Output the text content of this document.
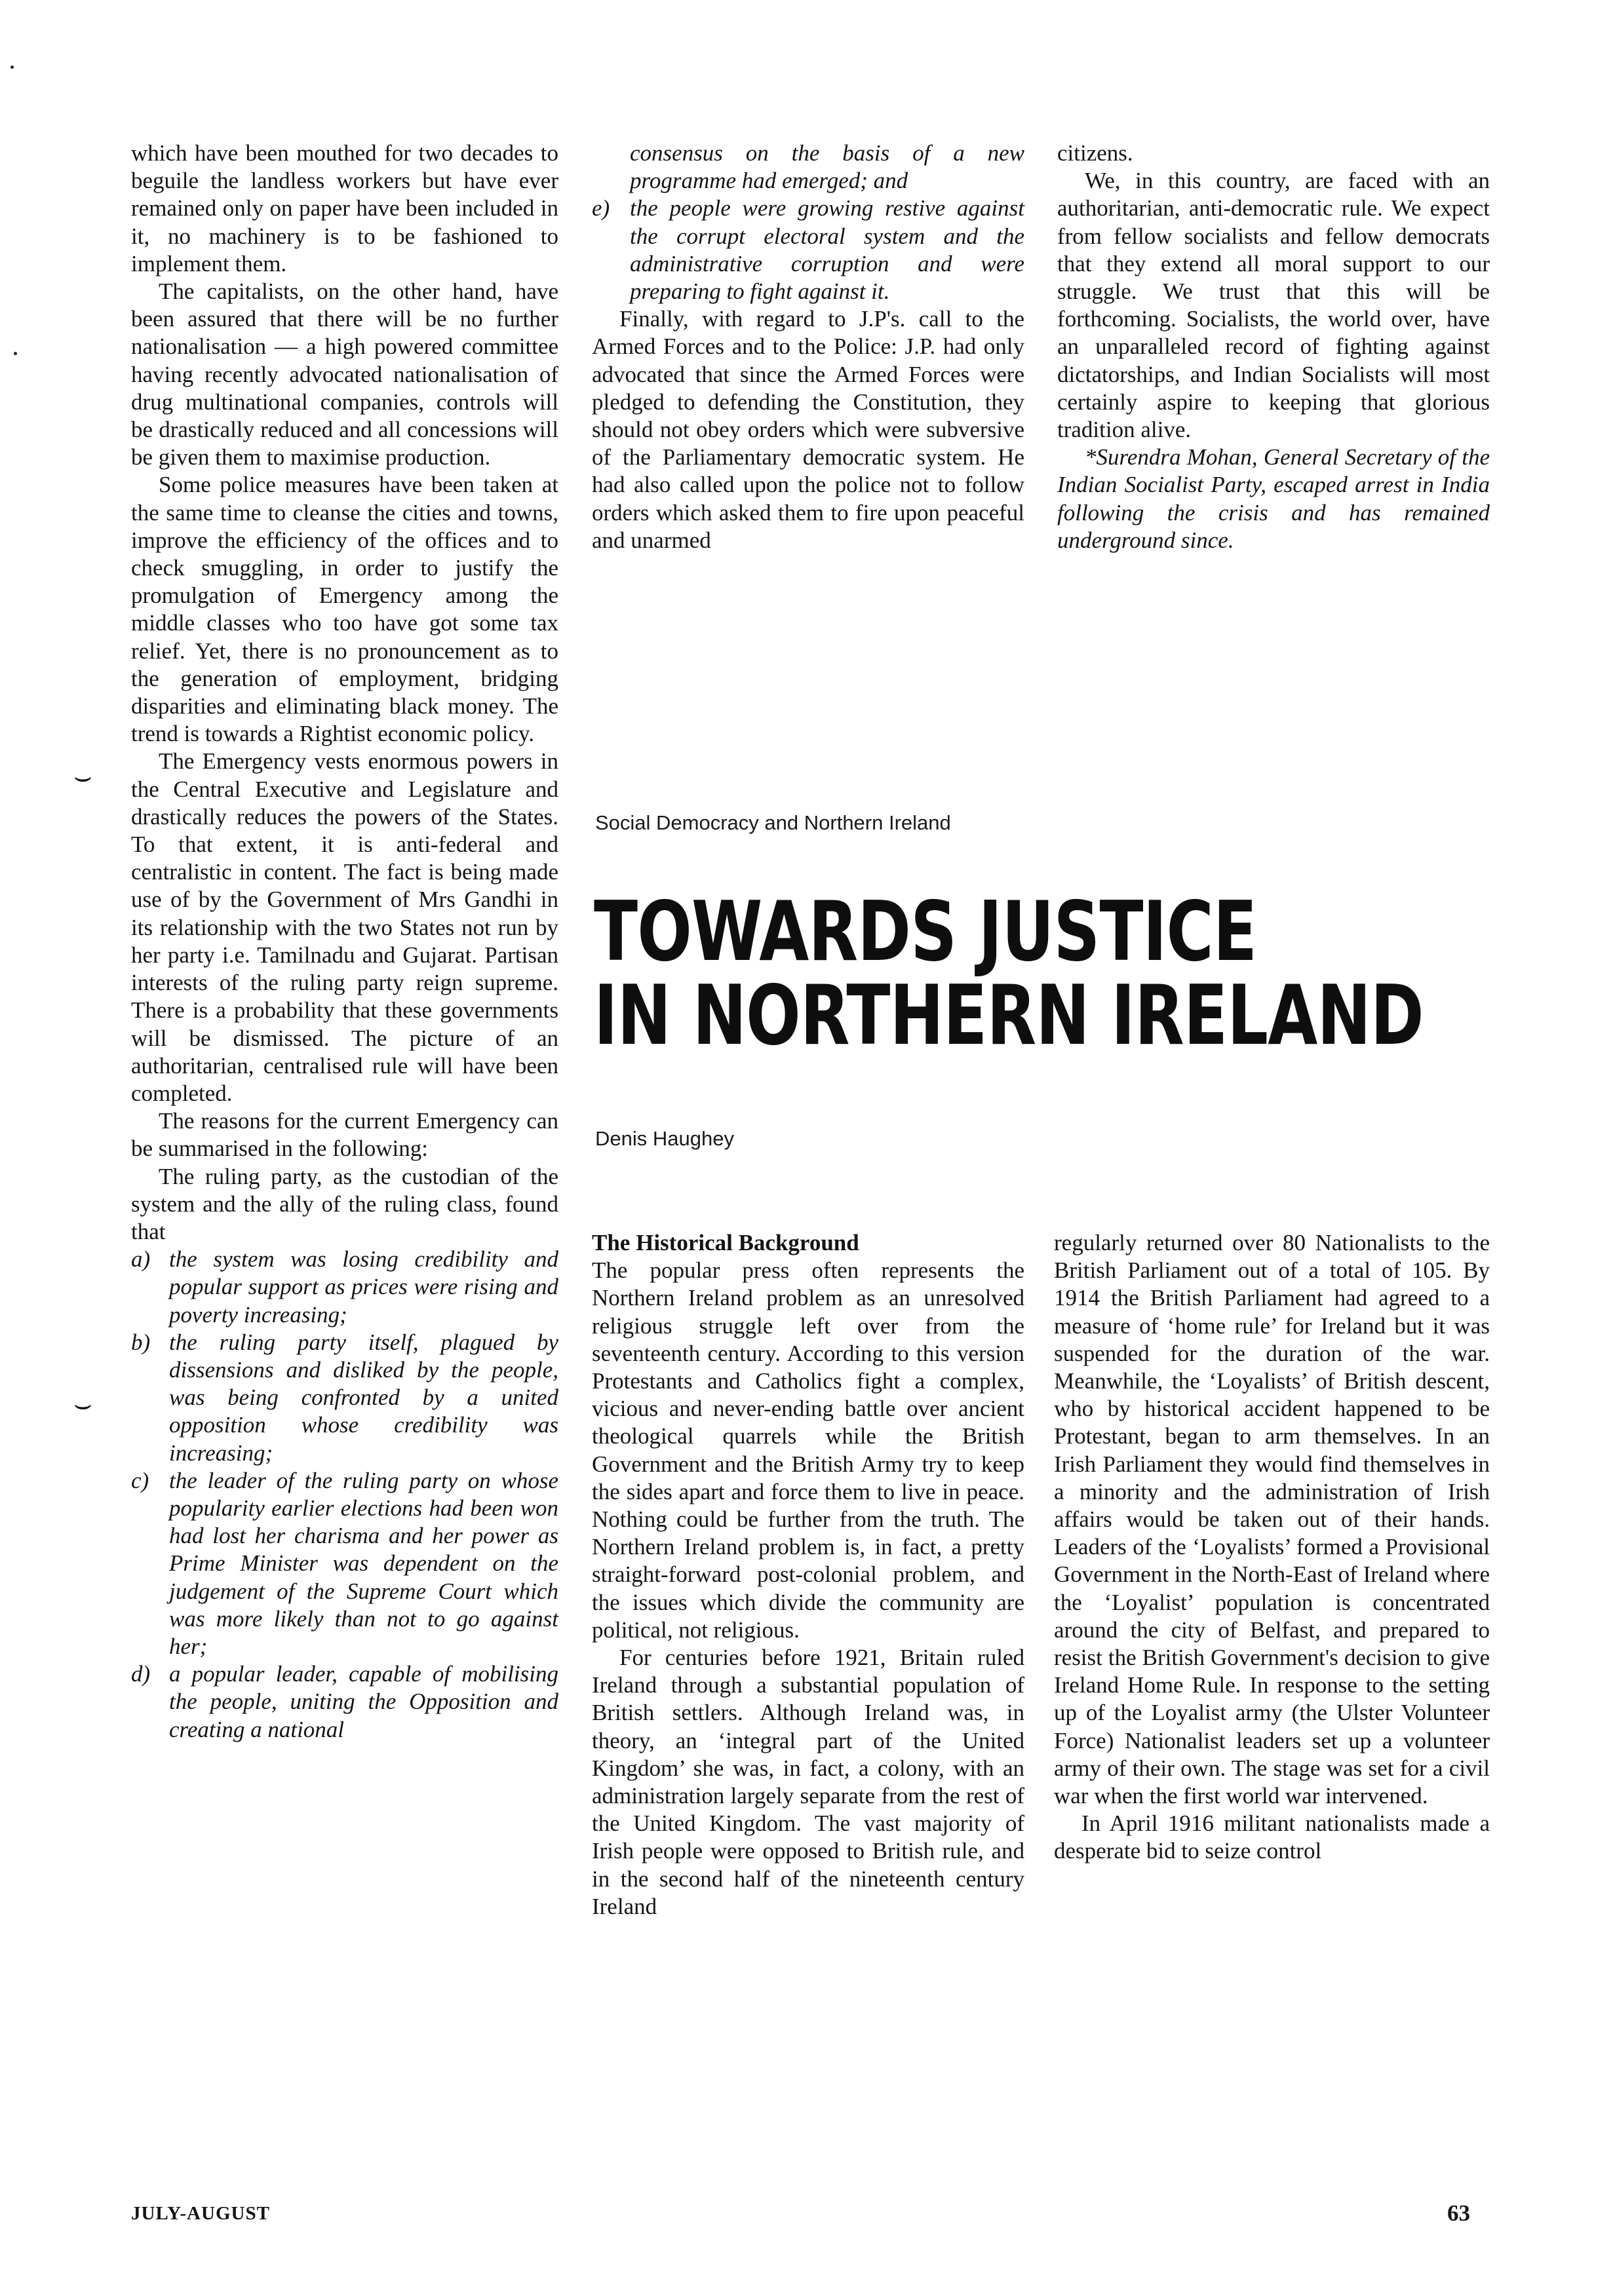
⌣
⌣

which have been mouthed for two decades to beguile the landless workers but have ever remained only on paper have been included in it, no machinery is to be fashioned to implement them.

The capitalists, on the other hand, have been assured that there will be no further nationalisation — a high powered committee having recently advocated nationalisation of drug multinational companies, controls will be drastically reduced and all concessions will be given them to maximise production.

Some police measures have been taken at the same time to cleanse the cities and towns, improve the efficiency of the offices and to check smuggling, in order to justify the promulgation of Emergency among the middle classes who too have got some tax relief. Yet, there is no pronouncement as to the generation of employment, bridging disparities and eliminating black money. The trend is towards a Rightist economic policy.

The Emergency vests enormous powers in the Central Executive and Legislature and drastically reduces the powers of the States. To that extent, it is anti-federal and centralistic in content. The fact is being made use of by the Government of Mrs Gandhi in its relationship with the two States not run by her party i.e. Tamilnadu and Gujarat. Partisan interests of the ruling party reign supreme. There is a probability that these governments will be dismissed. The picture of an authoritarian, centralised rule will have been completed.

The reasons for the current Emergency can be summarised in the following:

The ruling party, as the custodian of the system and the ally of the ruling class, found that

a) the system was losing credibility and popular support as prices were rising and poverty increasing;
b) the ruling party itself, plagued by dissensions and disliked by the people, was being confronted by a united opposition whose credibility was increasing;
c) the leader of the ruling party on whose popularity earlier elections had been won had lost her charisma and her power as Prime Minister was dependent on the judgement of the Supreme Court which was more likely than not to go against her;
d) a popular leader, capable of mobilising the people, uniting the Opposition and creating a national
consensus on the basis of a new programme had emerged; and
e) the people were growing restive against the corrupt electoral system and the administrative corruption and were preparing to fight against it.

Finally, with regard to J.P's. call to the Armed Forces and to the Police: J.P. had only advocated that since the Armed Forces were pledged to defending the Constitution, they should not obey orders which were subversive of the Parliamentary democratic system. He had also called upon the police not to follow orders which asked them to fire upon peaceful and unarmed

citizens.

We, in this country, are faced with an authoritarian, anti-democratic rule. We expect from fellow socialists and fellow democrats that they extend all moral support to our struggle. We trust that this will be forthcoming. Socialists, the world over, have an unparalleled record of fighting against dictatorships, and Indian Socialists will most certainly aspire to keeping that glorious tradition alive.

*Surendra Mohan, General Secretary of the Indian Socialist Party, escaped arrest in India following the crisis and has remained underground since.

Social Democracy and Northern Ireland
TOWARDS JUSTICE
IN NORTHERN IRELAND
Denis Haughey

The Historical Background

The popular press often represents the Northern Ireland problem as an unresolved religious struggle left over from the seventeenth century. According to this version Protestants and Catholics fight a complex, vicious and never-ending battle over ancient theological quarrels while the British Government and the British Army try to keep the sides apart and force them to live in peace. Nothing could be further from the truth. The Northern Ireland problem is, in fact, a pretty straight-forward post-colonial problem, and the issues which divide the community are political, not religious.

For centuries before 1921, Britain ruled Ireland through a substantial population of British settlers. Although Ireland was, in theory, an ‘integral part of the United Kingdom’ she was, in fact, a colony, with an administration largely separate from the rest of the United Kingdom. The vast majority of Irish people were opposed to British rule, and in the second half of the nineteenth century Ireland

regularly returned over 80 Nationalists to the British Parliament out of a total of 105. By 1914 the British Parliament had agreed to a measure of ‘home rule’ for Ireland but it was suspended for the duration of the war. Meanwhile, the ‘Loyalists’ of British descent, who by historical accident happened to be Protestant, began to arm themselves. In an Irish Parliament they would find themselves in a minority and the administration of Irish affairs would be taken out of their hands. Leaders of the ‘Loyalists’ formed a Provisional Government in the North-East of Ireland where the ‘Loyalist’ population is concentrated around the city of Belfast, and prepared to resist the British Government's decision to give Ireland Home Rule. In response to the setting up of the Loyalist army (the Ulster Volunteer Force) Nationalist leaders set up a volunteer army of their own. The stage was set for a civil war when the first world war intervened.

In April 1916 militant nationalists made a desperate bid to seize control

JULY-AUGUST	63
